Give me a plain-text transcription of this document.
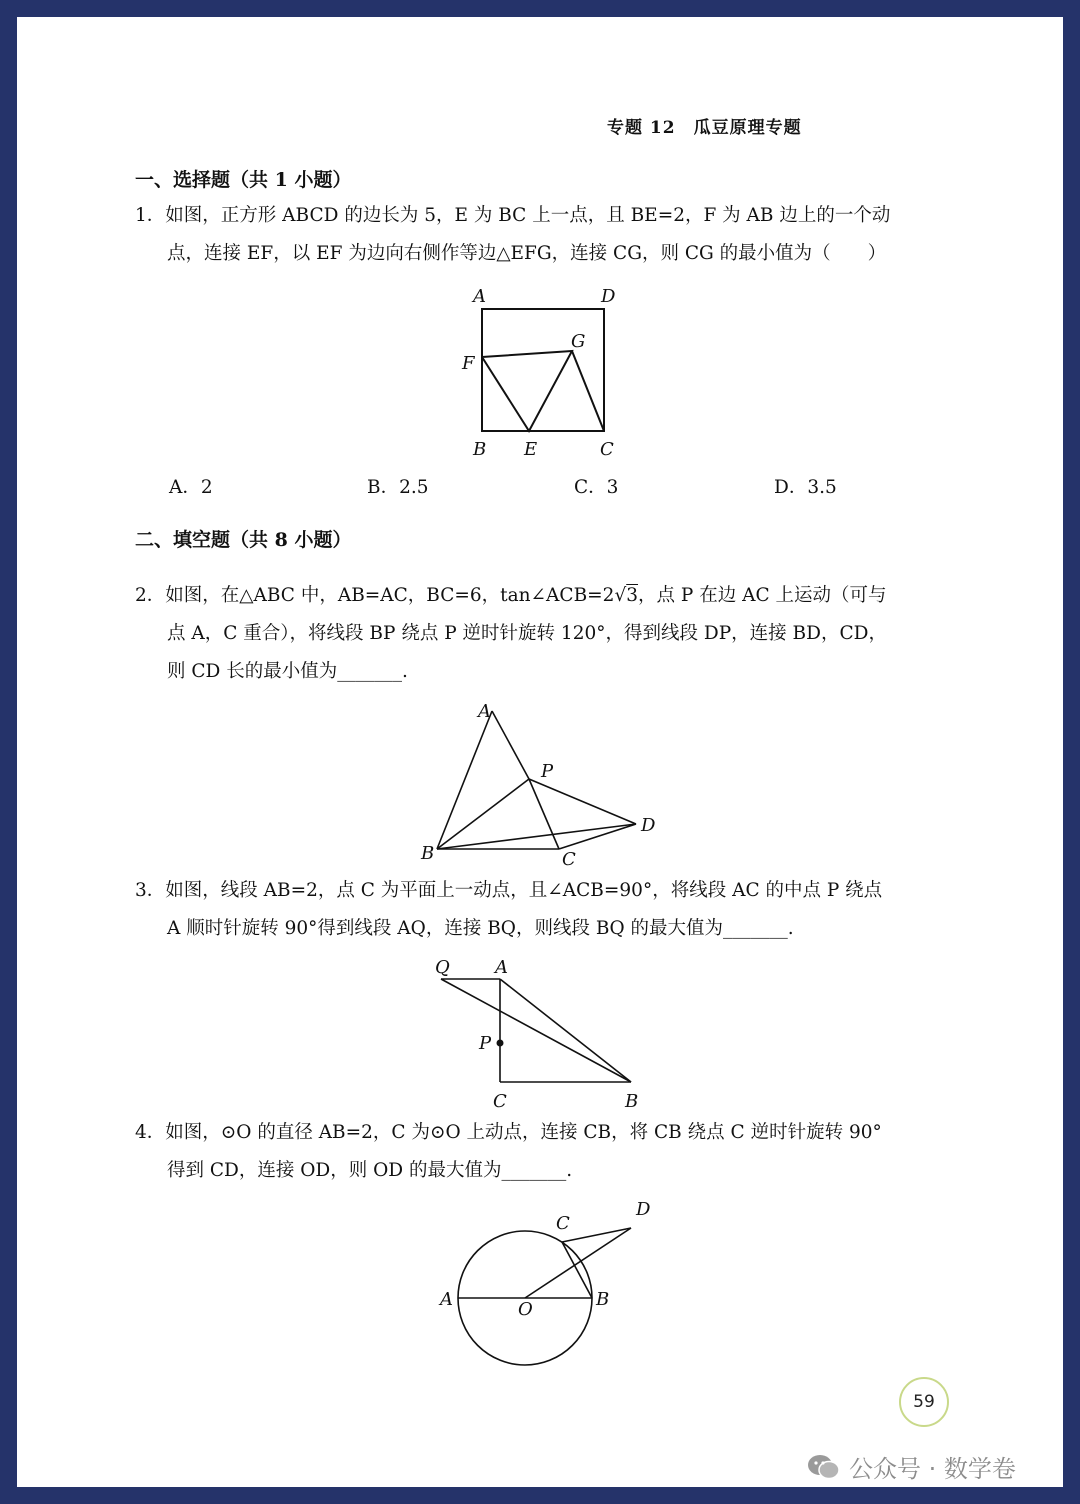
专题 12　瓜豆原理专题
一、选择题（共 1 小题）
1．如图，正方形 ABCD 的边长为 5，E 为 BC 上一点，且 BE=2，F 为 AB 边上的一个动
点，连接 EF，以 EF 为边向右侧作等边△EFG，连接 CG，则 CG 的最小值为（　　）
A	D
G
F
B E	C
A．2	B．2.5	C．3	D．3.5
二、填空题（共 8 小题）
2．如图，在△ABC 中，AB=AC，BC=6，tan∠ACB=2√3，点 P 在边 AC 上运动（可与
点 A，C 重合），将线段 BP 绕点 P 逆时针旋转 120°，得到线段 DP，连接 BD，CD，
则 CD 长的最小值为_______.
A
P
D
B	C
3．如图，线段 AB=2，点 C 为平面上一动点，且∠ACB=90°，将线段 AC 的中点 P 绕点
A 顺时针旋转 90°得到线段 AQ，连接 BQ，则线段 BQ 的最大值为_______.
Q	A
P
C	B
4．如图，⊙O 的直径 AB=2，C 为⊙O 上动点，连接 CB，将 CB 绕点 C 逆时针旋转 90°
得到 CD，连接 OD，则 OD 的最大值为_______.
C
D
A	O	B
59
公众号 · 数学卷
